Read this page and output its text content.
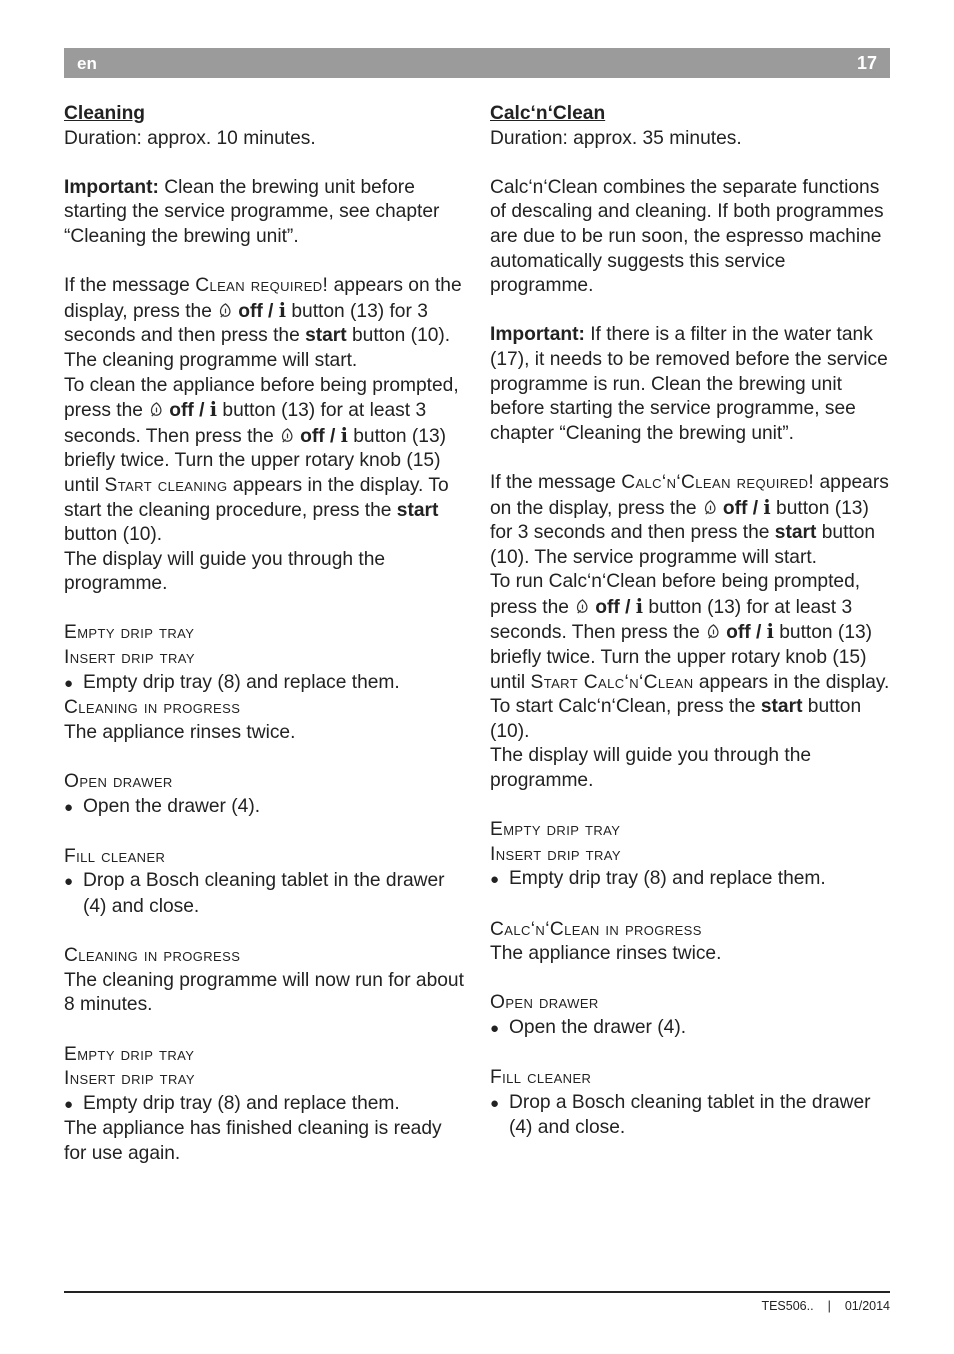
en	17
Cleaning
Duration: approx. 10 minutes.
Important: Clean the brewing unit before starting the service programme, see chapter “Cleaning the brewing unit”.
If the message Clean required! appears on the display, press the off / i button (13) for 3 seconds and then press the start button (10).
The cleaning programme will start.
To clean the appliance before being prompted, press the off / i button (13) for at least 3 seconds. Then press the off / i button (13) briefly twice. Turn the upper rotary knob (15) until Start cleaning appears in the display. To start the cleaning procedure, press the start button (10).
The display will guide you through the programme.
Empty drip tray
Insert drip tray
● Empty drip tray (8) and replace them.
Cleaning in progress
The appliance rinses twice.
Open drawer
● Open the drawer (4).
Fill cleaner
● Drop a Bosch cleaning tablet in the drawer (4) and close.
Cleaning in progress
The cleaning programme will now run for about 8 minutes.
Empty drip tray
Insert drip tray
● Empty drip tray (8) and replace them.
The appliance has finished cleaning is ready for use again.
Calc‘n‘Clean
Duration: approx. 35 minutes.
Calc‘n‘Clean combines the separate functions of descaling and cleaning. If both programmes are due to be run soon, the espresso machine automatically suggests this service programme.
Important: If there is a filter in the water tank (17), it needs to be removed before the service programme is run. Clean the brewing unit before starting the service programme, see chapter “Cleaning the brewing unit”.
If the message Calc‘n‘Clean required! appears on the display, press the off / i button (13) for 3 seconds and then press the start button (10). The service programme will start.
To run Calc‘n‘Clean before being prompted, press the off / i button (13) for at least 3 seconds. Then press the off / i button (13) briefly twice. Turn the upper rotary knob (15) until Start Calc‘n‘Clean appears in the display. To start Calc‘n‘Clean, press the start button (10).
The display will guide you through the programme.
Empty drip tray
Insert drip tray
● Empty drip tray (8) and replace them.
Calc‘n‘Clean in progress
The appliance rinses twice.
Open drawer
● Open the drawer (4).
Fill cleaner
● Drop a Bosch cleaning tablet in the drawer (4) and close.
TES506.. | 01/2014
